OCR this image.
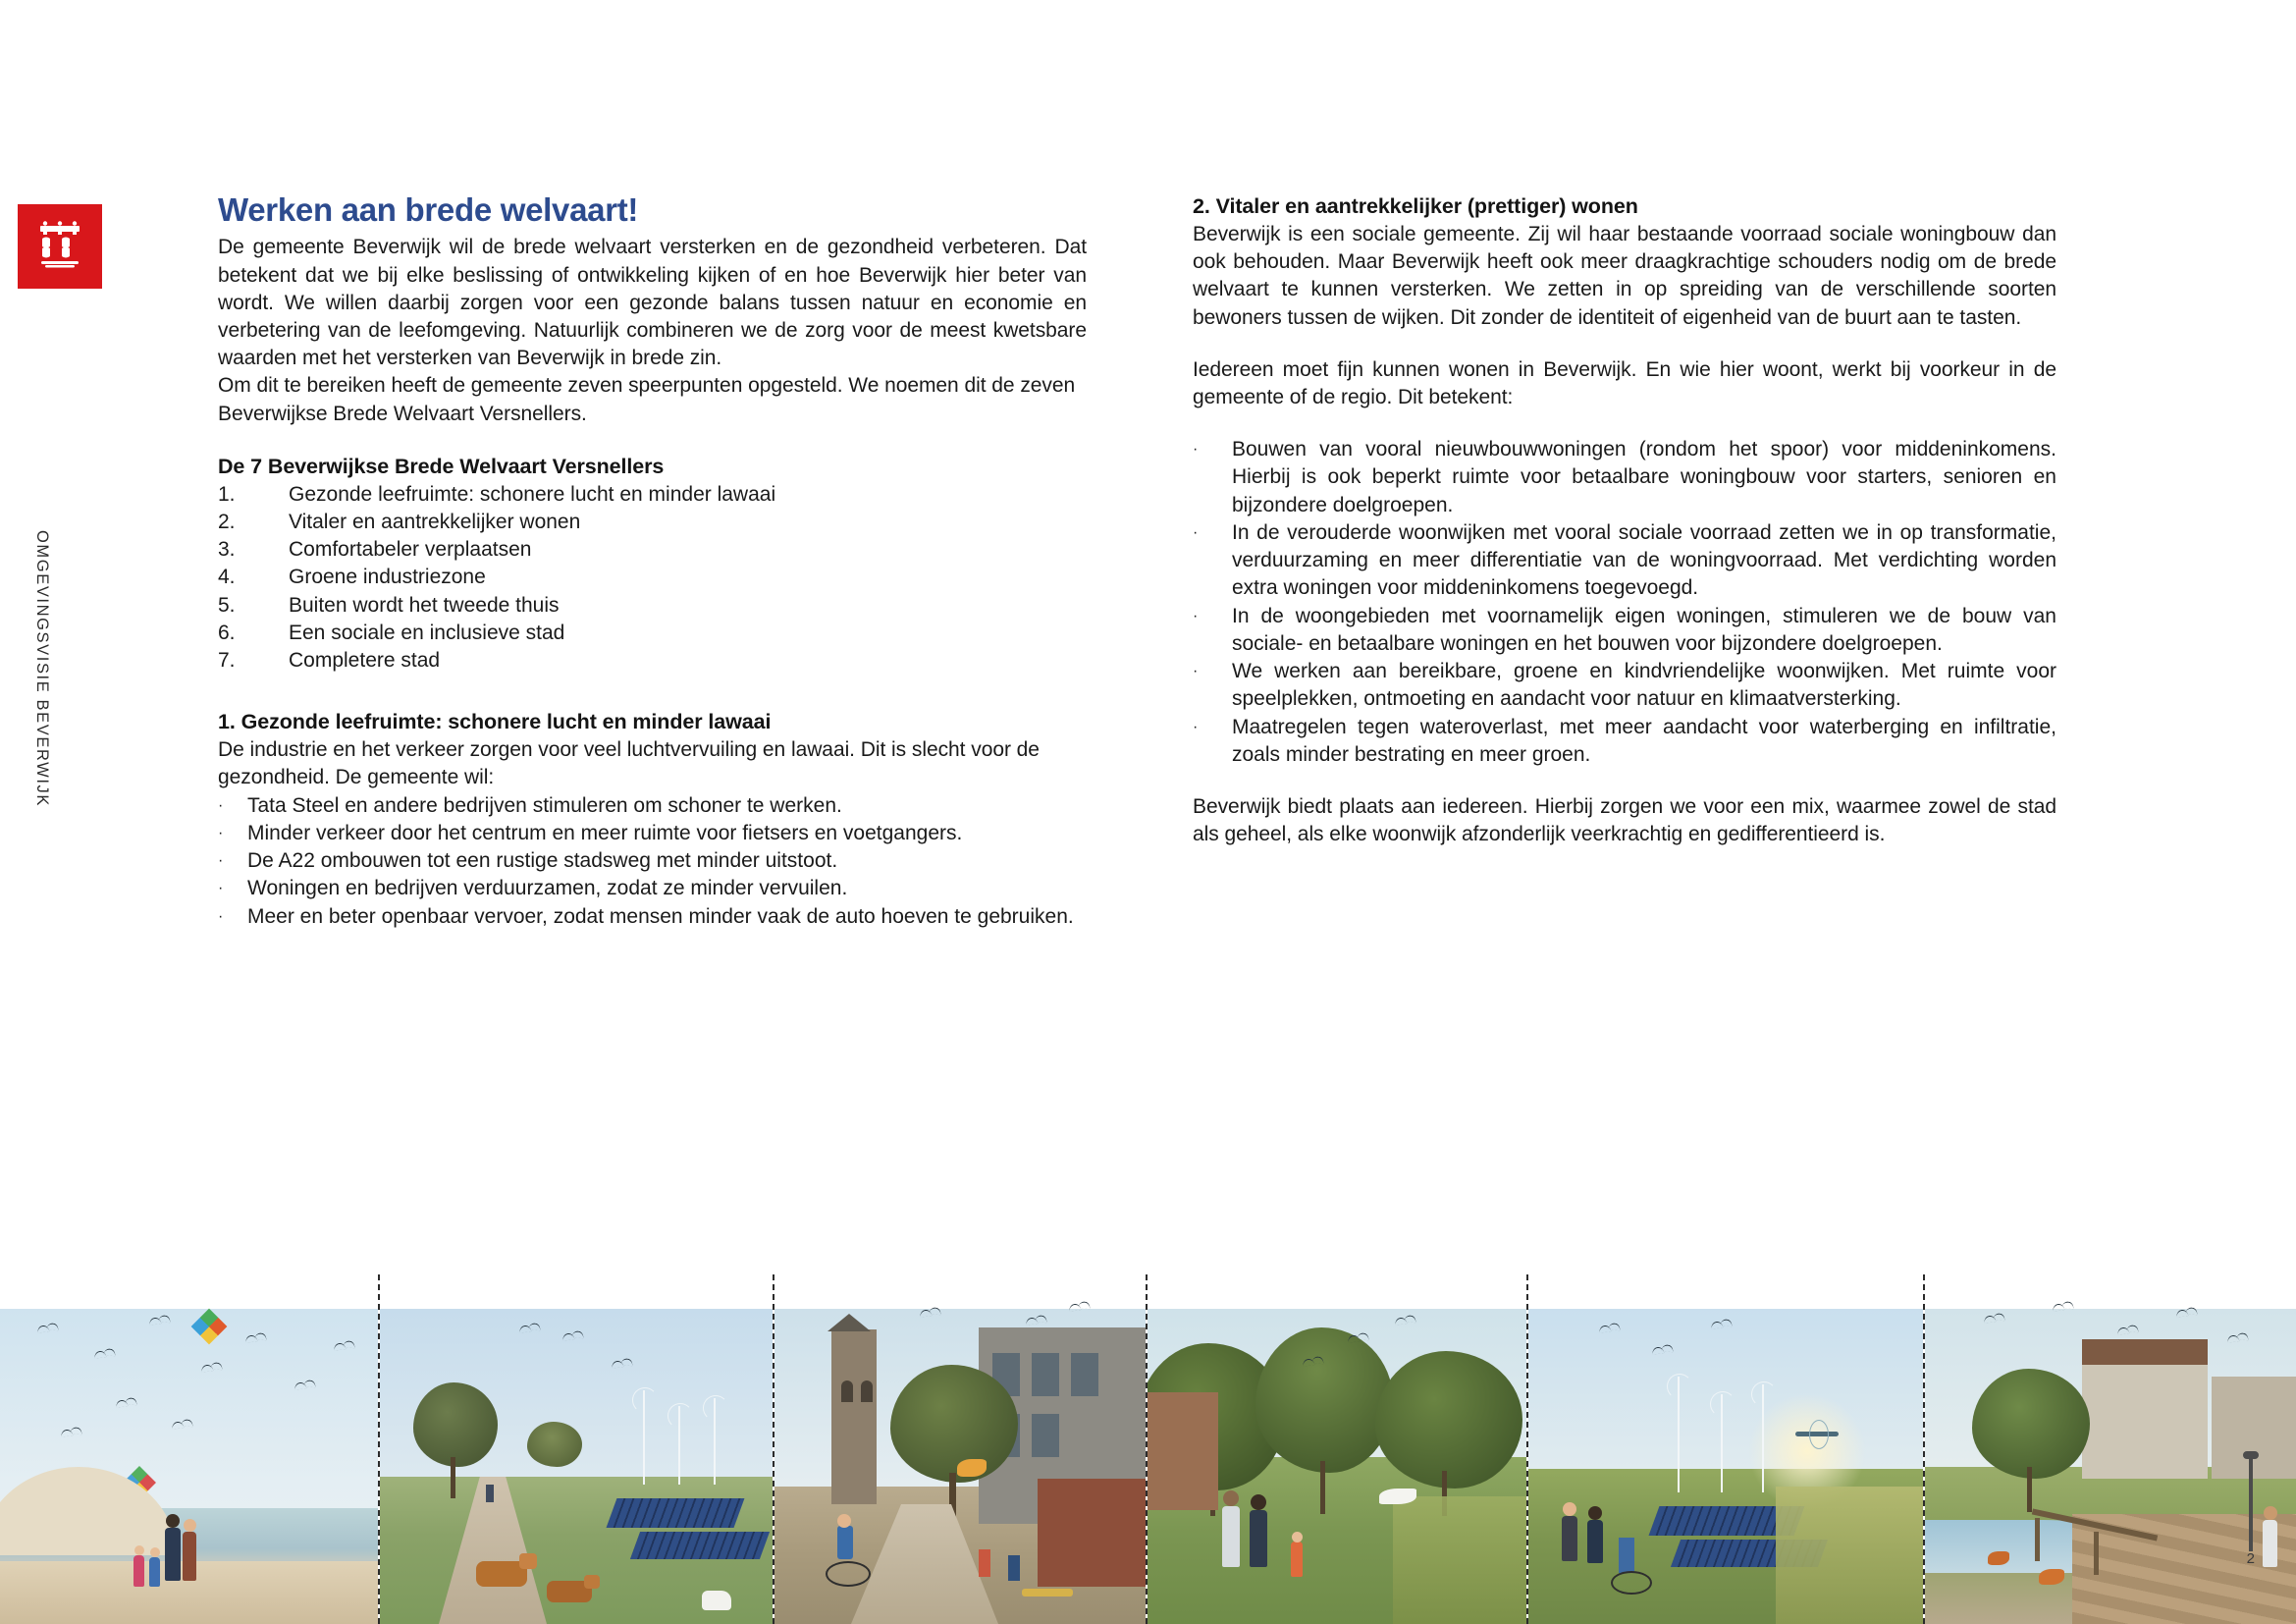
OMGEVINGSVISIE BEVERWIJK
Werken aan brede welvaart!

De gemeente Beverwijk wil de brede welvaart versterken en de gezondheid verbeteren. Dat betekent dat we bij elke beslissing of ontwikkeling kijken of en hoe Beverwijk hier beter van wordt. We willen daarbij zorgen voor een gezonde balans tussen natuur en economie en verbetering van de leefomgeving. Natuurlijk combineren we de zorg voor de meest kwetsbare waarden met het versterken van Beverwijk in brede zin.

Om dit te bereiken heeft de gemeente zeven speerpunten opgesteld. We noemen dit de zeven Beverwijkse Brede Welvaart Versnellers.

De 7 Beverwijkse Brede Welvaart Versnellers
1.	Gezonde leefruimte: schonere lucht en minder lawaai
2.	Vitaler en aantrekkelijker wonen
3.	Comfortabeler verplaatsen
4.	Groene industriezone
5.	Buiten wordt het tweede thuis
6.	Een sociale en inclusieve stad
7.	Completere stad
1. Gezonde leefruimte: schonere lucht en minder lawaai

De industrie en het verkeer zorgen voor veel luchtvervuiling en lawaai. Dit is slecht voor de gezondheid. De gemeente wil:

·	Tata Steel en andere bedrijven stimuleren om schoner te werken.
·	Minder verkeer door het centrum en meer ruimte voor fietsers en voetgangers.
·	De A22 ombouwen tot een rustige stadsweg met minder uitstoot.
·	Woningen en bedrijven verduurzamen, zodat ze minder vervuilen.
·	Meer en beter openbaar vervoer, zodat mensen minder vaak de auto hoeven te gebruiken.
2. Vitaler en aantrekkelijker (prettiger) wonen

Beverwijk is een sociale gemeente. Zij wil haar bestaande voorraad sociale woningbouw dan ook behouden. Maar Beverwijk heeft ook meer draagkrachtige schouders nodig om de brede welvaart te kunnen versterken. We zetten in op spreiding van de verschillende soorten bewoners tussen de wijken. Dit zonder de identiteit of eigenheid van de buurt aan te tasten.

Iedereen moet fijn kunnen wonen in Beverwijk. En wie hier woont, werkt bij voorkeur in de gemeente of de regio. Dit betekent:

·	Bouwen van vooral nieuwbouwwoningen (rondom het spoor) voor middeninkomens. Hierbij is ook beperkt ruimte voor betaalbare woningbouw voor starters, senioren en bijzondere doelgroepen.
·	In de verouderde woonwijken met vooral sociale voorraad zetten we in op transformatie, verduurzaming en meer differentiatie van de woningvoorraad. Met verdichting worden extra woningen voor middeninkomens toegevoegd.
·	In de woongebieden met voornamelijk eigen woningen, stimuleren we de bouw van sociale- en betaalbare woningen en het bouwen voor bijzondere doelgroepen.
·	We werken aan bereikbare, groene en kindvriendelijke woonwijken. Met ruimte voor speelplekken, ontmoeting en aandacht voor natuur en klimaatversterking.
·	Maatregelen tegen wateroverlast, met meer aandacht voor waterberging en infiltratie, zoals minder bestrating en meer groen.

Beverwijk biedt plaats aan iedereen. Hierbij zorgen we voor een mix, waarmee zowel de stad als geheel, als elke woonwijk afzonderlijk veerkrachtig en gedifferentieerd is.

2
